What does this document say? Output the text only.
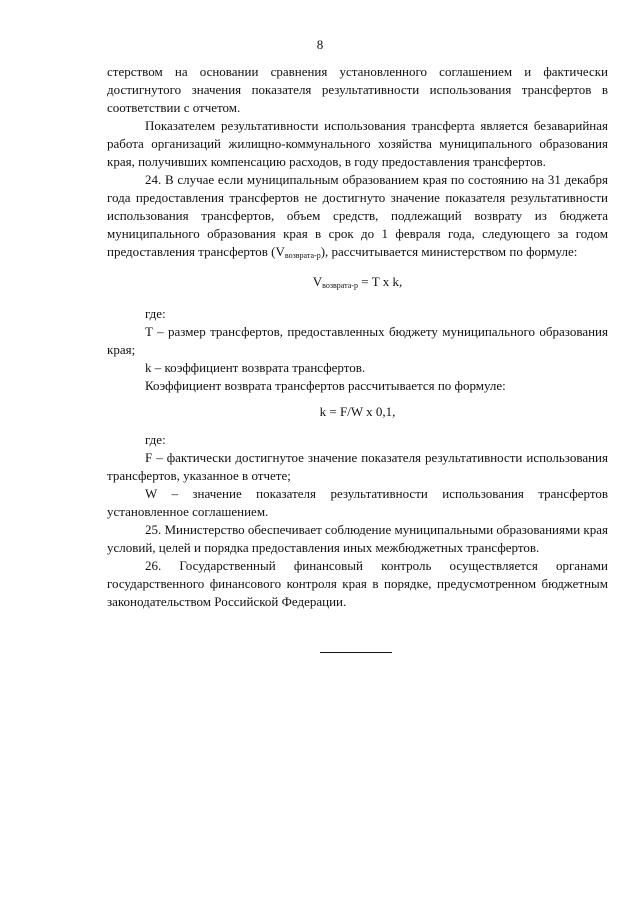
8

стерством на основании сравнения установленного соглашением и фактически достигнутого значения показателя результативности использования трансфертов в соответствии с отчетом.

Показателем результативности использования трансферта является безаварийная работа организаций жилищно-коммунального хозяйства муниципального образования края, получивших компенсацию расходов, в году предоставления трансфертов.

24. В случае если муниципальным образованием края по состоянию на 31 декабря года предоставления трансфертов не достигнуто значение показателя результативности использования трансфертов, объем средств, подлежащий возврату из бюджета муниципального образования края в срок до 1 февраля года, следующего за годом предоставления трансфертов (Vвозврата-р), рассчитывается министерством по формуле:

$V_{возврата-р} = T$ x k,

где:

T – размер трансфертов, предоставленных бюджету муниципального образования края;

k – коэффициент возврата трансфертов.

Коэффициент возврата трансфертов рассчитывается по формуле:

k = F/W x 0,1,

где:

F – фактически достигнутое значение показателя результативности использования трансфертов, указанное в отчете;

W – значение показателя результативности использования трансфертов установленное соглашением.

25. Министерство обеспечивает соблюдение муниципальными образованиями края условий, целей и порядка предоставления иных межбюджетных трансфертов.

26. Государственный финансовый контроль осуществляется органами государственного финансового контроля края в порядке, предусмотренном бюджетным законодательством Российской Федерации.
